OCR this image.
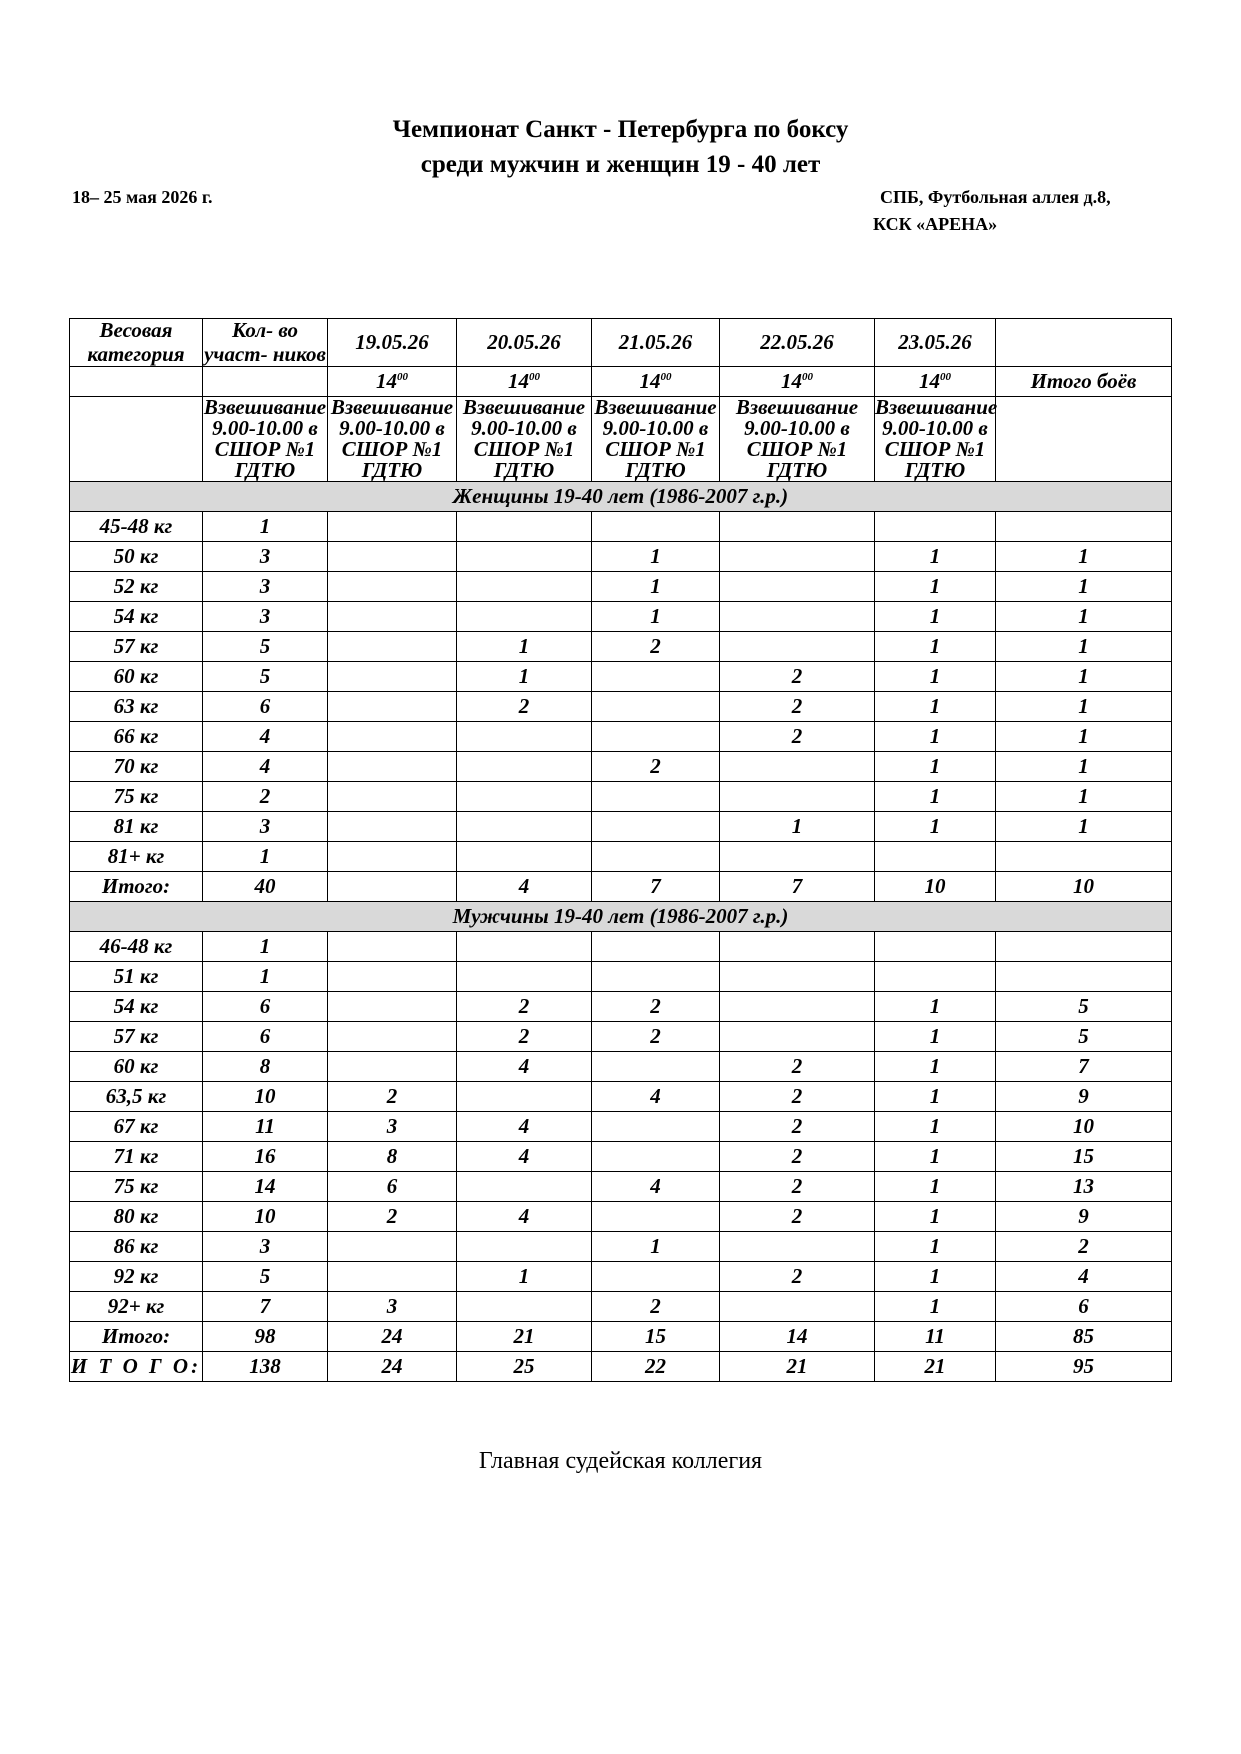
Чемпионат Санкт - Петербурга по боксу
среди мужчин и женщин 19 - 40 лет
18– 25 мая 2026 г.	СПБ, Футбольная аллея д.8,
КСК «АРЕНА»
Весовая категория	Кол- во участ- ников	19.05.26	20.05.26	21.05.26	22.05.26	23.05.26	
		$14^{00}$	$14^{00}$	$14^{00}$	$14^{00}$	$14^{00}$	Итого боёв
	Взвешивание 9.00-10.00 в СШОР №1 ГДТЮ	Взвешивание 9.00-10.00 в СШОР №1 ГДТЮ	Взвешивание 9.00-10.00 в СШОР №1 ГДТЮ	Взвешивание 9.00-10.00 в СШОР №1 ГДТЮ	Взвешивание 9.00-10.00 в СШОР №1 ГДТЮ	Взвешивание 9.00-10.00 в СШОР №1 ГДТЮ	
Женщины 19-40 лет (1986-2007 г.р.)							
45-48 кг	1						
50 кг	3			1		1	1
52 кг	3			1		1	1
54 кг	3			1		1	1
57 кг	5		1	2		1	1
60 кг	5		1		2	1	1
63 кг	6		2		2	1	1
66 кг	4				2	1	1
70 кг	4			2		1	1
75 кг	2					1	1
81 кг	3				1	1	1
81+ кг	1						
Итого:	40		4	7	7	10	10
Мужчины 19-40 лет (1986-2007 г.р.)							
46-48 кг	1						
51 кг	1						
54 кг	6		2	2		1	5
57 кг	6		2	2		1	5
60 кг	8		4		2	1	7
63,5 кг	10	2		4	2	1	9
67 кг	11	3	4		2	1	10
71 кг	16	8	4		2	1	15
75 кг	14	6		4	2	1	13
80 кг	10	2	4		2	1	9
86 кг	3			1		1	2
92 кг	5		1		2	1	4
92+ кг	7	3		2		1	6
Итого:	98	24	21	15	14	11	85
И Т О Г О:	138	24	25	22	21	21	95
Главная судейская коллегия
